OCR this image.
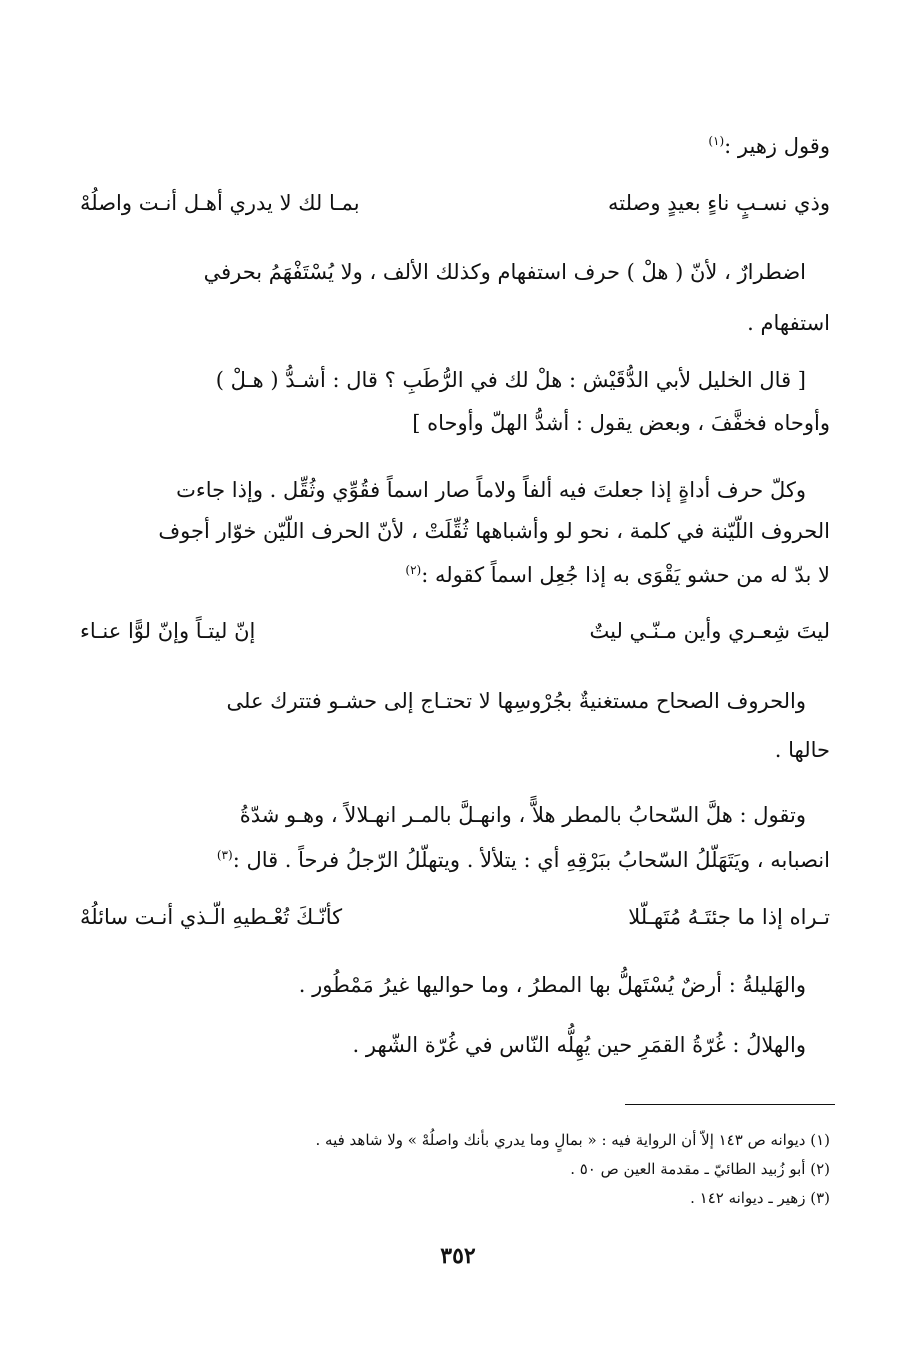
وقول زهير :$^{(١)}$
وذي نسـبٍ ناءٍ بعيدٍ وصلته
بمـا لك لا يدري أهـل أنـت واصلُهْ
اضطرارٌ ، لأنّ ( هلْ ) حرف استفهام وكذلك الألف ، ولا يُسْتَفْهَمُ بحرفي
استفهام .
[ قال الخليل لأبي الدُّقَيْش : هلْ لك في الرُّطَبِ ؟ قال : أشـدُّ ( هـلْ )
وأوحاه فخفَّفَ ، وبعض يقول : أشدُّ الهلّ وأوحاه ]
وكلّ حرف أداةٍ إذا جعلتَ فيه ألفاً ولاماً صار اسماً فقُوِّي وثُقِّل . وإذا جاءت
الحروف اللّيّنة في كلمة ، نحو لو وأشباهها ثُقِّلَتْ ، لأنّ الحرف اللّيّن خوّار أجوف
لا بدّ له من حشو يَقْوَى به إذا جُعِل اسماً كقوله :$^{(٢)}$
ليتَ شِعـري وأين مـنّـي ليتٌ
إنّ ليتـاً وإنّ لوًّا عنـاء
والحروف الصحاح مستغنيةٌ بجُرْوسِها لا تحتـاج إلى حشـو فتترك على
حالها .
وتقول : هلَّ السّحابُ بالمطر هلاًّ ، وانهـلَّ بالمـر انهـلالاً ، وهـو شدّةُ
انصبابه ، ويَتَهَلّلُ السّحابُ ببَرْقِهِ أي : يتلألأ . ويتهلّلُ الرّجلُ فرحاً . قال :$^{(٣)}$
تـراه إذا ما جئتَـهُ مُتَهـلّلا
كأنّـكَ تُعْـطيهِ الّـذي أنـت سائلُهْ
والهَليلةُ : أرضٌ يُسْتَهلُّ بها المطرُ ، وما حواليها غيرُ مَمْطُور .
والهلالُ : غُرّةُ القمَرِ حين يُهِلُّه النّاس في غُرّة الشّهر .
(١) ديوانه ص ١٤٣ إلاّ أن الرواية فيه : « بمالٍ وما يدري بأنك واصلُهْ » ولا شاهد فيه .
(٢) أبو زُبيد الطائيّ ـ مقدمة العين ص ٥٠ .
(٣) زهير ـ ديوانه ١٤٢ .
٣٥٢
